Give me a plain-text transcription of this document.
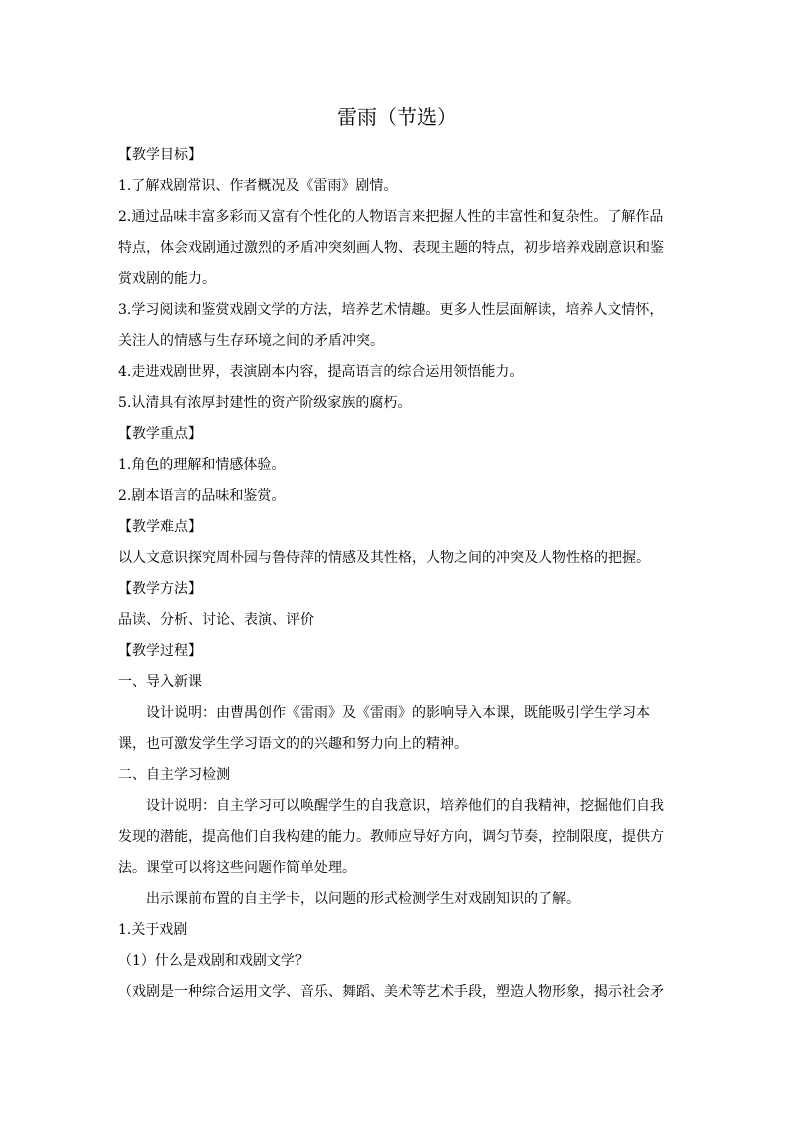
雷雨（节选）
【教学目标】
1.了解戏剧常识、作者概况及《雷雨》剧情。
2.通过品味丰富多彩而又富有个性化的人物语言来把握人性的丰富性和复杂性。了解作品
特点，体会戏剧通过激烈的矛盾冲突刻画人物、表现主题的特点，初步培养戏剧意识和鉴
赏戏剧的能力。
3.学习阅读和鉴赏戏剧文学的方法，培养艺术情趣。更多人性层面解读，培养人文情怀，
关注人的情感与生存环境之间的矛盾冲突。
4.走进戏剧世界，表演剧本内容，提高语言的综合运用领悟能力。
5.认清具有浓厚封建性的资产阶级家族的腐朽。
【教学重点】
1.角色的理解和情感体验。
2.剧本语言的品味和鉴赏。
【教学难点】
以人文意识探究周朴园与鲁侍萍的情感及其性格，人物之间的冲突及人物性格的把握。
【教学方法】
品读、分析、讨论、表演、评价
【教学过程】
一、导入新课
设计说明：由曹禺创作《雷雨》及《雷雨》的影响导入本课，既能吸引学生学习本
课，也可激发学生学习语文的的兴趣和努力向上的精神。
二、自主学习检测
设计说明：自主学习可以唤醒学生的自我意识，培养他们的自我精神，挖掘他们自我
发现的潜能，提高他们自我构建的能力。教师应导好方向，调匀节奏，控制限度，提供方
法。课堂可以将这些问题作简单处理。
出示课前布置的自主学卡，以问题的形式检测学生对戏剧知识的了解。
1.关于戏剧
（1）什么是戏剧和戏剧文学？
（戏剧是一种综合运用文学、音乐、舞蹈、美术等艺术手段，塑造人物形象，揭示社会矛
